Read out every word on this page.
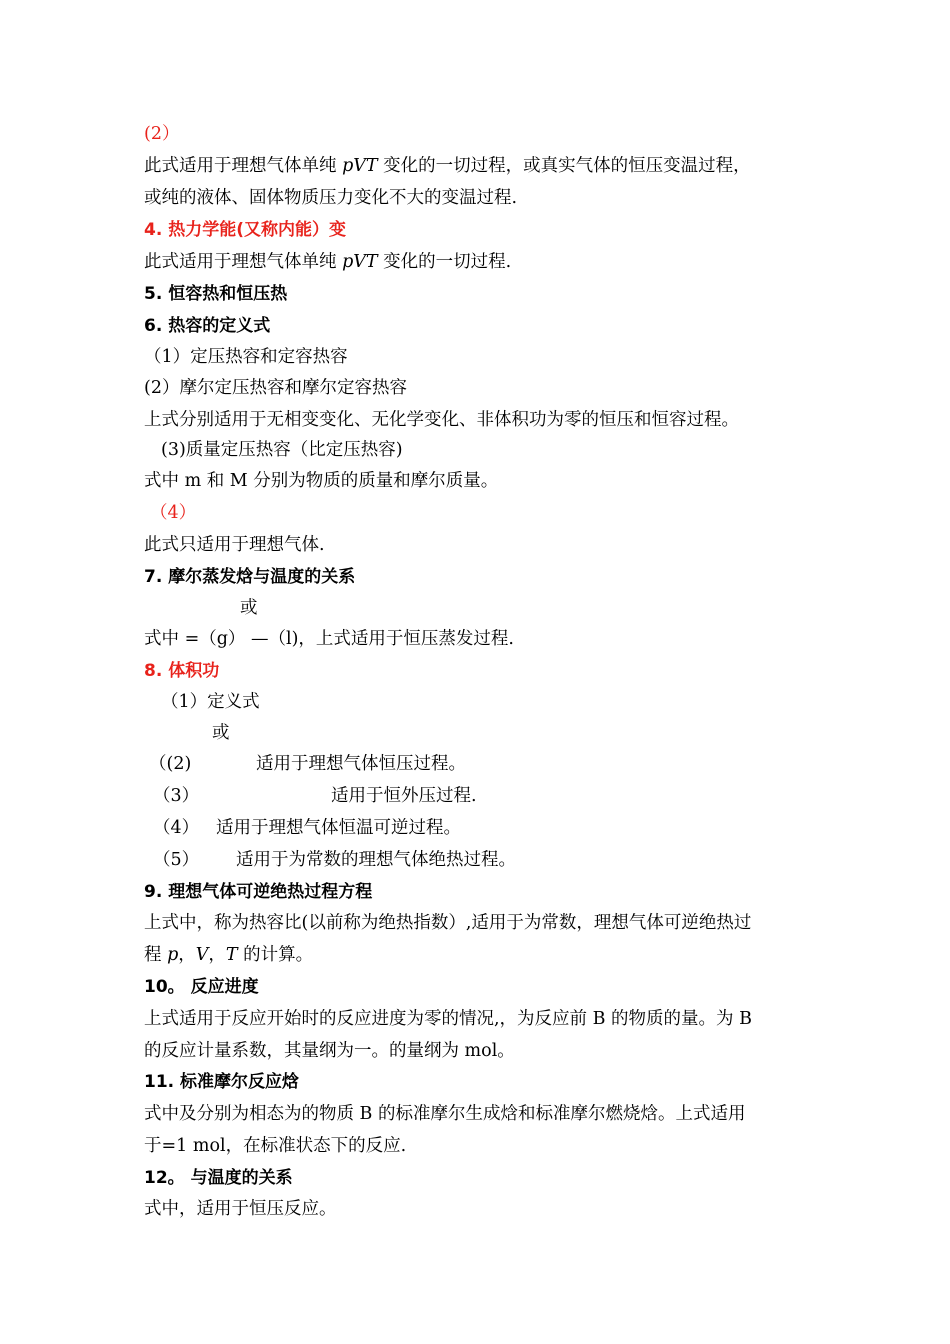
(2）
此式适用于理想气体单纯 pVT 变化的一切过程，或真实气体的恒压变温过程，
或纯的液体、固体物质压力变化不大的变温过程.
4. 热力学能(又称内能）变
此式适用于理想气体单纯 pVT 变化的一切过程.
5. 恒容热和恒压热
6. 热容的定义式
（1）定压热容和定容热容
(2）摩尔定压热容和摩尔定容热容
上式分别适用于无相变变化、无化学变化、非体积功为零的恒压和恒容过程。
(3)质量定压热容（比定压热容)
式中 m 和 M 分别为物质的质量和摩尔质量。
（4）
此式只适用于理想气体.
7. 摩尔蒸发焓与温度的关系
或
式中 =（g） —（l)，上式适用于恒压蒸发过程.
8. 体积功
（1）定义式
或
（(2)	适用于理想气体恒压过程。
（3）	适用于恒外压过程.
（4） 适用于理想气体恒温可逆过程。
（5） 适用于为常数的理想气体绝热过程。
9. 理想气体可逆绝热过程方程
上式中，称为热容比(以前称为绝热指数）,适用于为常数，理想气体可逆绝热过
程 p，V，T 的计算。
10。 反应进度
上式适用于反应开始时的反应进度为零的情况,，为反应前 B 的物质的量。为 B
的反应计量系数，其量纲为一。的量纲为 mol。
11. 标准摩尔反应焓
式中及分别为相态为的物质 B 的标准摩尔生成焓和标准摩尔燃烧焓。上式适用
于=1 mol，在标准状态下的反应.
12。 与温度的关系
式中，适用于恒压反应。
